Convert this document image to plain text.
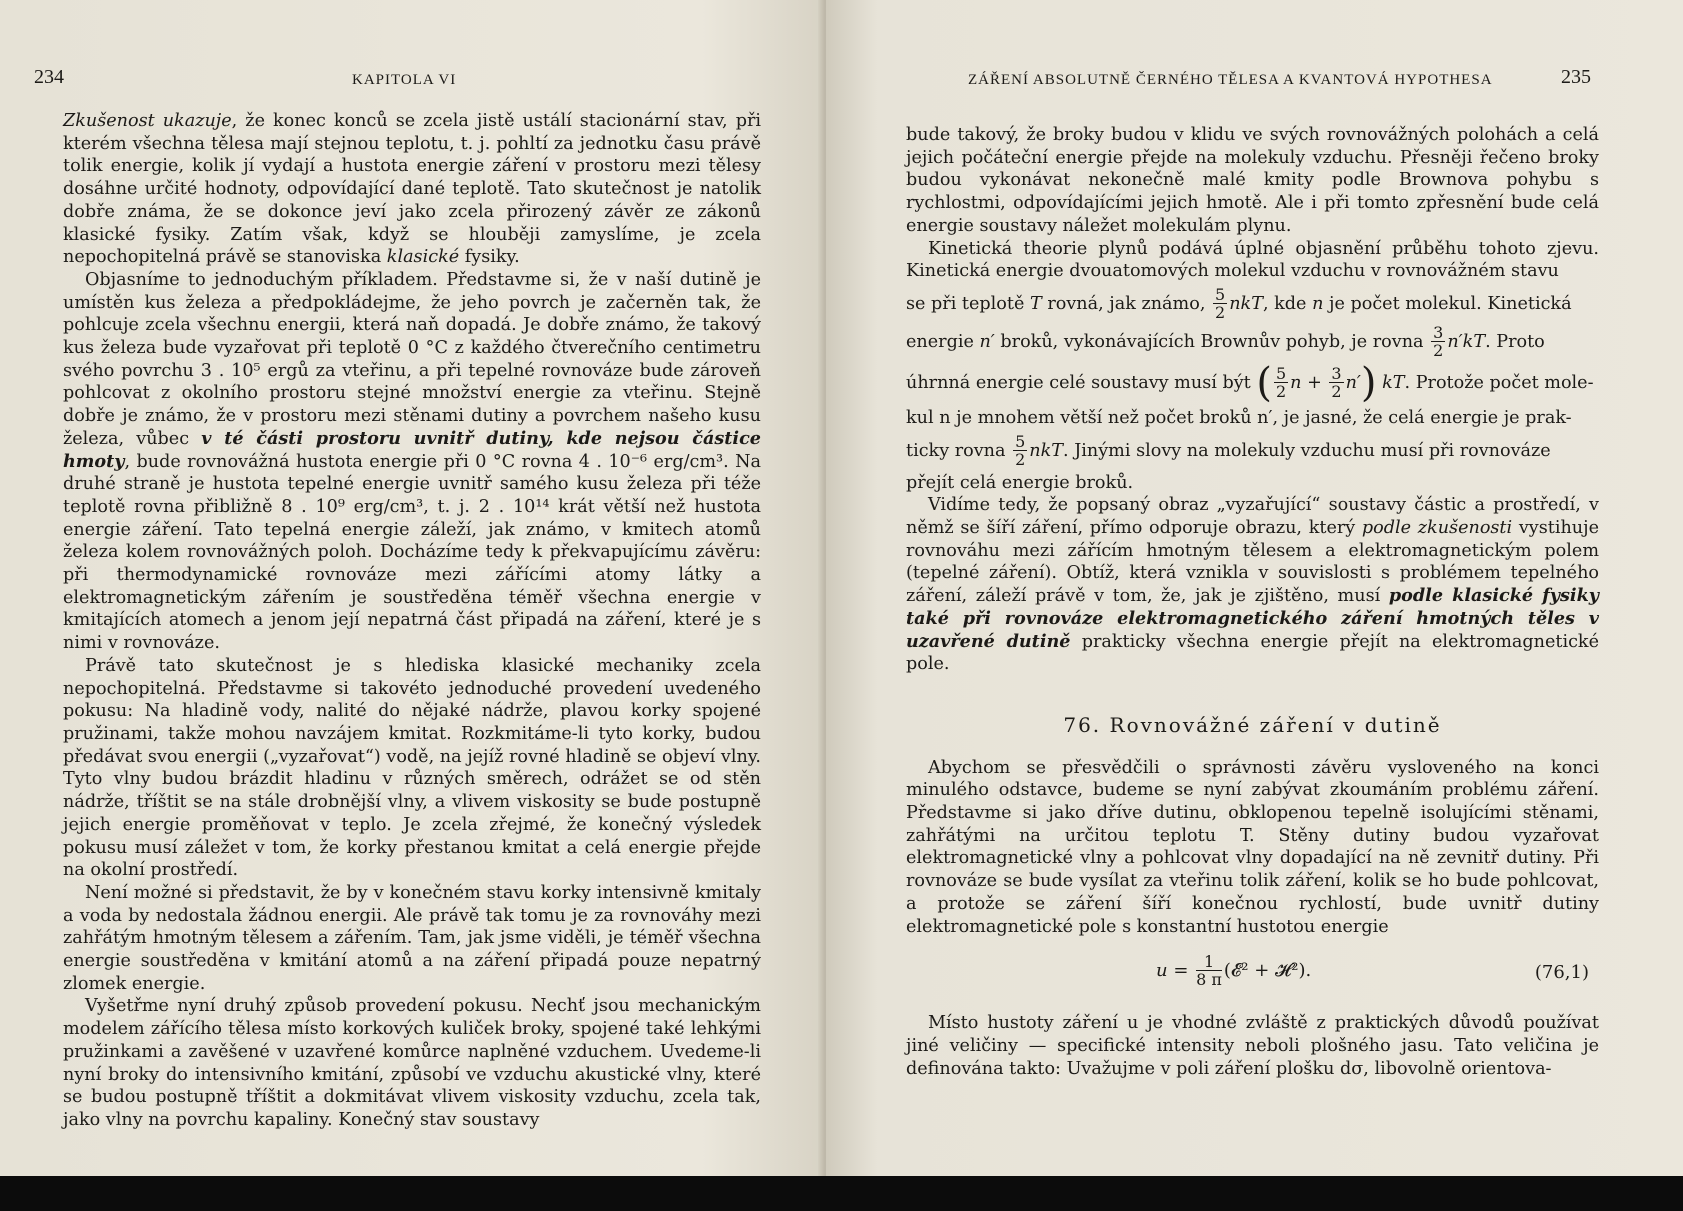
234	KAPITOLA VI

Zkušenost ukazuje, že konec konců se zcela jistě ustálí stacionární stav, při kterém všechna tělesa mají stejnou teplotu, t. j. pohltí za jednotku času právě tolik energie, kolik jí vydají a hustota energie záření v prostoru mezi tělesy dosáhne určité hodnoty, odpovídající dané teplotě. Tato skutečnost je natolik dobře známa, že se dokonce jeví jako zcela přirozený závěr ze zákonů klasické fysiky. Zatím však, když se hlouběji zamyslíme, je zcela nepochopitelná právě se stanoviska klasické fysiky.

Objasníme to jednoduchým příkladem. Představme si, že v naší dutině je umístěn kus železa a předpokládejme, že jeho povrch je začerněn tak, že pohlcuje zcela všechnu energii, která naň dopadá. Je dobře známo, že takový kus železa bude vyzařovat při teplotě 0 °C z každého čtverečního centimetru svého povrchu 3 . 10⁵ ergů za vteřinu, a při tepelné rovnováze bude zároveň pohlcovat z okolního prostoru stejné množství energie za vteřinu. Stejně dobře je známo, že v prostoru mezi stěnami dutiny a povrchem našeho kusu železa, vůbec v té části prostoru uvnitř dutiny, kde nejsou částice hmoty, bude rovnovážná hustota energie při 0 °C rovna 4 . 10⁻⁶ erg/cm³. Na druhé straně je hustota tepelné energie uvnitř samého kusu železa při téže teplotě rovna přibližně 8 . 10⁹ erg/cm³, t. j. 2 . 10¹⁴ krát větší než hustota energie záření. Tato tepelná energie záleží, jak známo, v kmitech atomů železa kolem rovnovážných poloh. Docházíme tedy k překvapujícímu závěru: při thermodynamické rovnováze mezi zářícími atomy látky a elektromagnetickým zářením je soustředěna téměř všechna energie v kmitajících atomech a jenom její nepatrná část připadá na záření, které je s nimi v rovnováze.

Právě tato skutečnost je s hlediska klasické mechaniky zcela nepochopitelná. Představme si takovéto jednoduché provedení uvedeného pokusu: Na hladině vody, nalité do nějaké nádrže, plavou korky spojené pružinami, takže mohou navzájem kmitat. Rozkmitáme-li tyto korky, budou předávat svou energii („vyzařovat“) vodě, na jejíž rovné hladině se objeví vlny. Tyto vlny budou brázdit hladinu v různých směrech, odrážet se od stěn nádrže, tříštit se na stále drobnější vlny, a vlivem viskosity se bude postupně jejich energie proměňovat v teplo. Je zcela zřejmé, že konečný výsledek pokusu musí záležet v tom, že korky přestanou kmitat a celá energie přejde na okolní prostředí.

Není možné si představit, že by v konečném stavu korky intensivně kmitaly a voda by nedostala žádnou energii. Ale právě tak tomu je za rovnováhy mezi zahřátým hmotným tělesem a zářením. Tam, jak jsme viděli, je téměř všechna energie soustředěna v kmitání atomů a na záření připadá pouze nepatrný zlomek energie.

Vyšetřme nyní druhý způsob provedení pokusu. Nechť jsou mechanickým modelem zářícího tělesa místo korkových kuliček broky, spojené také lehkými pružinkami a zavěšené v uzavřené komůrce naplněné vzduchem. Uvedeme-li nyní broky do intensivního kmitání, způsobí ve vzduchu akustické vlny, které se budou postupně tříštit a dokmitávat vlivem viskosity vzduchu, zcela tak, jako vlny na povrchu kapaliny. Konečný stav soustavy

ZÁŘENÍ ABSOLUTNĚ ČERNÉHO TĚLESA A KVANTOVÁ HYPOTHESA	235

bude takový, že broky budou v klidu ve svých rovnovážných polohách a celá jejich počáteční energie přejde na molekuly vzduchu. Přesněji řečeno broky budou vykonávat nekonečně malé kmity podle Brownova pohybu s rychlostmi, odpovídajícími jejich hmotě. Ale i při tomto zpřesnění bude celá energie soustavy náležet molekulám plynu.

Kinetická theorie plynů podává úplné objasnění průběhu tohoto zjevu. Kinetická energie dvouatomových molekul vzduchu v rovnovážném stavu

se při teplotě T rovná, jak známo, $\frac{5}{2}$ nkT, kde n je počet molekul. Kinetická
energie n′ broků, vykonávajících Brownův pohyb, je rovna $\frac{3}{2} n'kT$. Proto
úhrnná energie celé soustavy musí být ( $\frac{5}{2}$ $n + \frac{3}{2} n'$) kT. Protože počet mole-

kul n je mnohem větší než počet broků n′, je jasné, že celá energie je prak-

ticky rovna $\frac{5}{2}$ nkT. Jinými slovy na molekuly vzduchu musí při rovnováze

přejít celá energie broků.

Vidíme tedy, že popsaný obraz „vyzařující“ soustavy částic a prostředí, v němž se šíří záření, přímo odporuje obrazu, který podle zkušenosti vystihuje rovnováhu mezi zářícím hmotným tělesem a elektromagnetickým polem (tepelné záření). Obtíž, která vznikla v souvislosti s problémem tepelného záření, záleží právě v tom, že, jak je zjištěno, musí podle klasické fysiky také při rovnováze elektromagnetického záření hmotných těles v uzavřené dutině prakticky všechna energie přejít na elektromagnetické pole.

76. Rovnovážné záření v dutině

Abychom se přesvědčili o správnosti závěru vysloveného na konci minulého odstavce, budeme se nyní zabývat zkoumáním problému záření. Představme si jako dříve dutinu, obklopenou tepelně isolujícími stěnami, zahřátými na určitou teplotu T. Stěny dutiny budou vyzařovat elektromagnetické vlny a pohlcovat vlny dopadající na ně zevnitř dutiny. Při rovnováze se bude vysílat za vteřinu tolik záření, kolik se ho bude pohlcovat, a protože se záření šíří konečnou rychlostí, bude uvnitř dutiny elektromagnetické pole s konstantní hustotou energie

$u = \frac{1}{8 \pi}$ (𝓔² + 𝓗²).	(76,1)

Místo hustoty záření u je vhodné zvláště z praktických důvodů používat jiné veličiny — specifické intensity neboli plošného jasu. Tato veličina je definována takto: Uvažujme v poli záření plošku dσ, libovolně orientova-
